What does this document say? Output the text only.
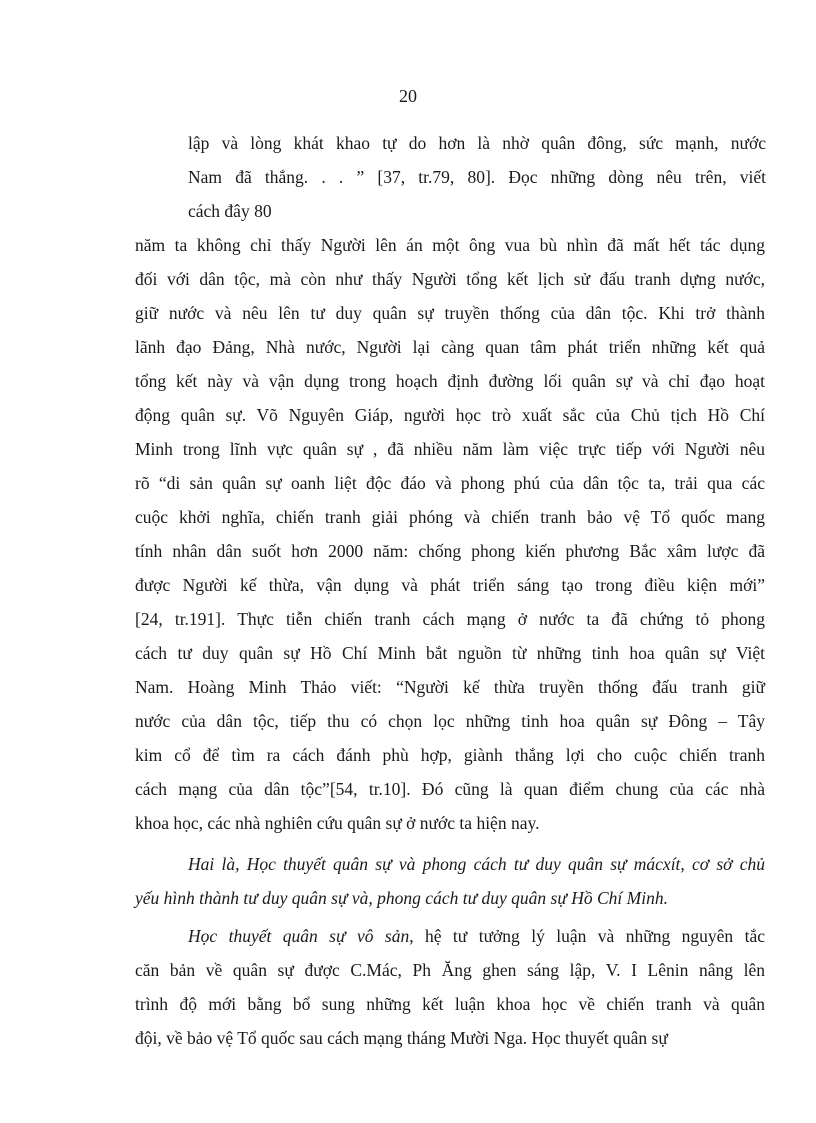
20
lập và lòng khát khao tự do hơn là nhờ quân đông, sức mạnh, nước
Nam đã thắng. . . ” [37, tr.79, 80]. Đọc những dòng nêu trên, viết
cách đây 80
năm ta không chỉ thấy Người lên án một ông vua bù nhìn đã mất hết tác dụng
đối với dân tộc, mà còn như thấy Người tổng kết lịch sử đấu tranh dựng nước,
giữ nước và nêu lên tư duy quân sự truyền thống của dân tộc. Khi trở thành
lãnh đạo Đảng, Nhà nước, Người lại càng quan tâm phát triển những kết quả
tổng kết này và vận dụng trong hoạch định đường lối quân sự và chỉ đạo hoạt
động quân sự. Võ Nguyên Giáp, người học trò xuất sắc của Chủ tịch Hồ Chí
Minh trong lĩnh vực quân sự , đã nhiều năm làm việc trực tiếp với Người nêu
rõ “di sản quân sự oanh liệt độc đáo và phong phú của dân tộc ta, trải qua các
cuộc khởi nghĩa, chiến tranh giải phóng và chiến tranh bảo vệ Tổ quốc mang
tính nhân dân suốt hơn 2000 năm: chống phong kiến phương Bắc xâm lược đã
được Người kế thừa, vận dụng và phát triển sáng tạo trong điều kiện mới”
[24, tr.191]. Thực tiễn chiến tranh cách mạng ở nước ta đã chứng tỏ phong
cách tư duy quân sự Hồ Chí Minh bắt nguồn từ những tinh hoa quân sự Việt
Nam. Hoàng Minh Thảo viết: “Người kế thừa truyền thống đấu tranh giữ
nước của dân tộc, tiếp thu có chọn lọc những tinh hoa quân sự Đông – Tây
kim cổ để tìm ra cách đánh phù hợp, giành thắng lợi cho cuộc chiến tranh
cách mạng của dân tộc”[54, tr.10]. Đó cũng là quan điểm chung của các nhà
khoa học, các nhà nghiên cứu quân sự ở nước ta hiện nay.
Hai là, Học thuyết quân sự và phong cách tư duy quân sự mácxít, cơ sở chủ
yếu hình thành tư duy quân sự và, phong cách tư duy quân sự Hồ Chí Minh.
Học thuyết quân sự vô sản, hệ tư tưởng lý luận và những nguyên tắc
căn bản về quân sự được C.Mác, Ph Ăng ghen sáng lập, V. I Lênin nâng lên
trình độ mới bằng bổ sung những kết luận khoa học về chiến tranh và quân
đội, về bảo vệ Tổ quốc sau cách mạng tháng Mười Nga. Học thuyết quân sự
